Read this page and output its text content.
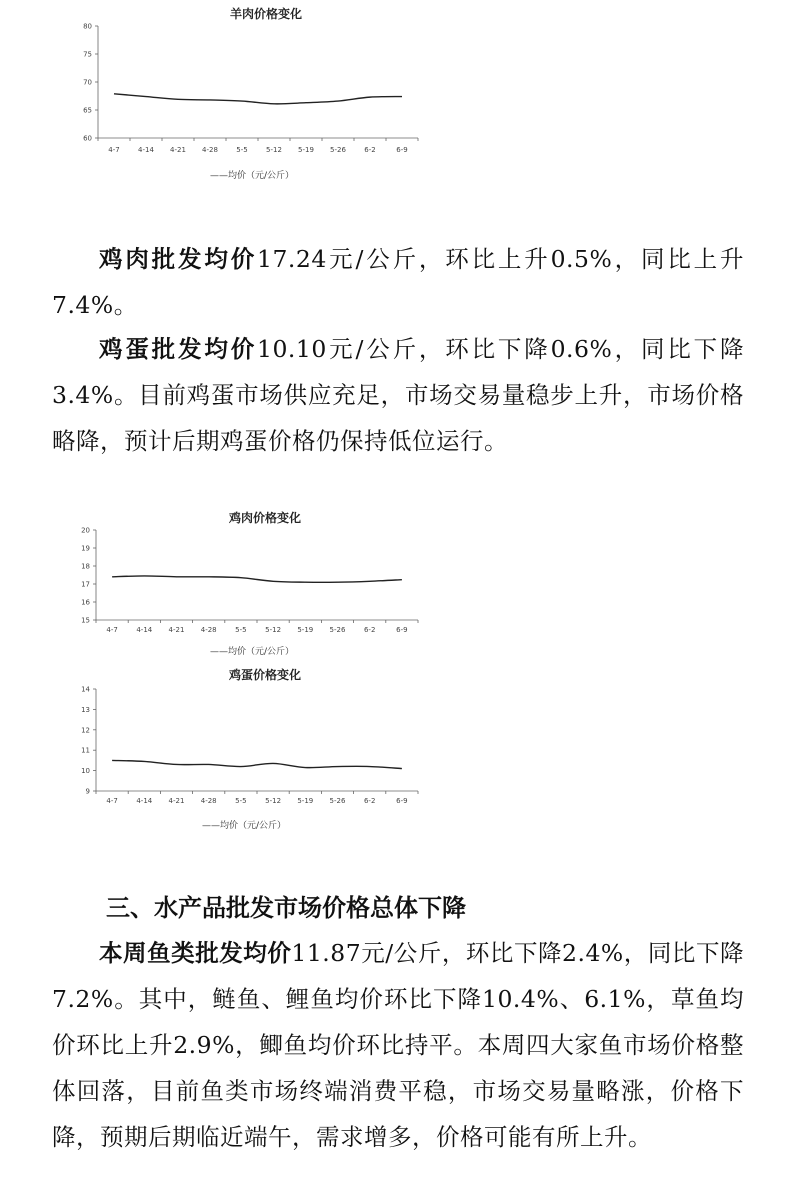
羊肉价格变化
60
65
70
75
80
4-7	4-14 4-21 4-28	5-5	5-12 5-19 5-26	6-2	6-9
——均价（元/公斤）

鸡肉批发均价17.24元/公斤，环比上升0.5%，同比上升7.4%。

鸡蛋批发均价10.10元/公斤，环比下降0.6%，同比下降3.4%。目前鸡蛋市场供应充足，市场交易量稳步上升，市场价格略降，预计后期鸡蛋价格仍保持低位运行。

鸡肉价格变化
15
16
17
18
19
20
4-7	4-14 4-21 4-28	5-5	5-12 5-19 5-26	6-2	6-9
——均价（元/公斤）
鸡蛋价格变化
9
10
11
12
13
14
4-7	4-14 4-21 4-28	5-5	5-12 5-19 5-26	6-2	6-9
——均价（元/公斤）
三、水产品批发市场价格总体下降

本周鱼类批发均价11.87元/公斤，环比下降2.4%，同比下降7.2%。其中，鲢鱼、鲤鱼均价环比下降10.4%、6.1%，草鱼均价环比上升2.9%，鲫鱼均价环比持平。本周四大家鱼市场价格整体回落，目前鱼类市场终端消费平稳，市场交易量略涨，价格下降，预期后期临近端午，需求增多，价格可能有所上升。
